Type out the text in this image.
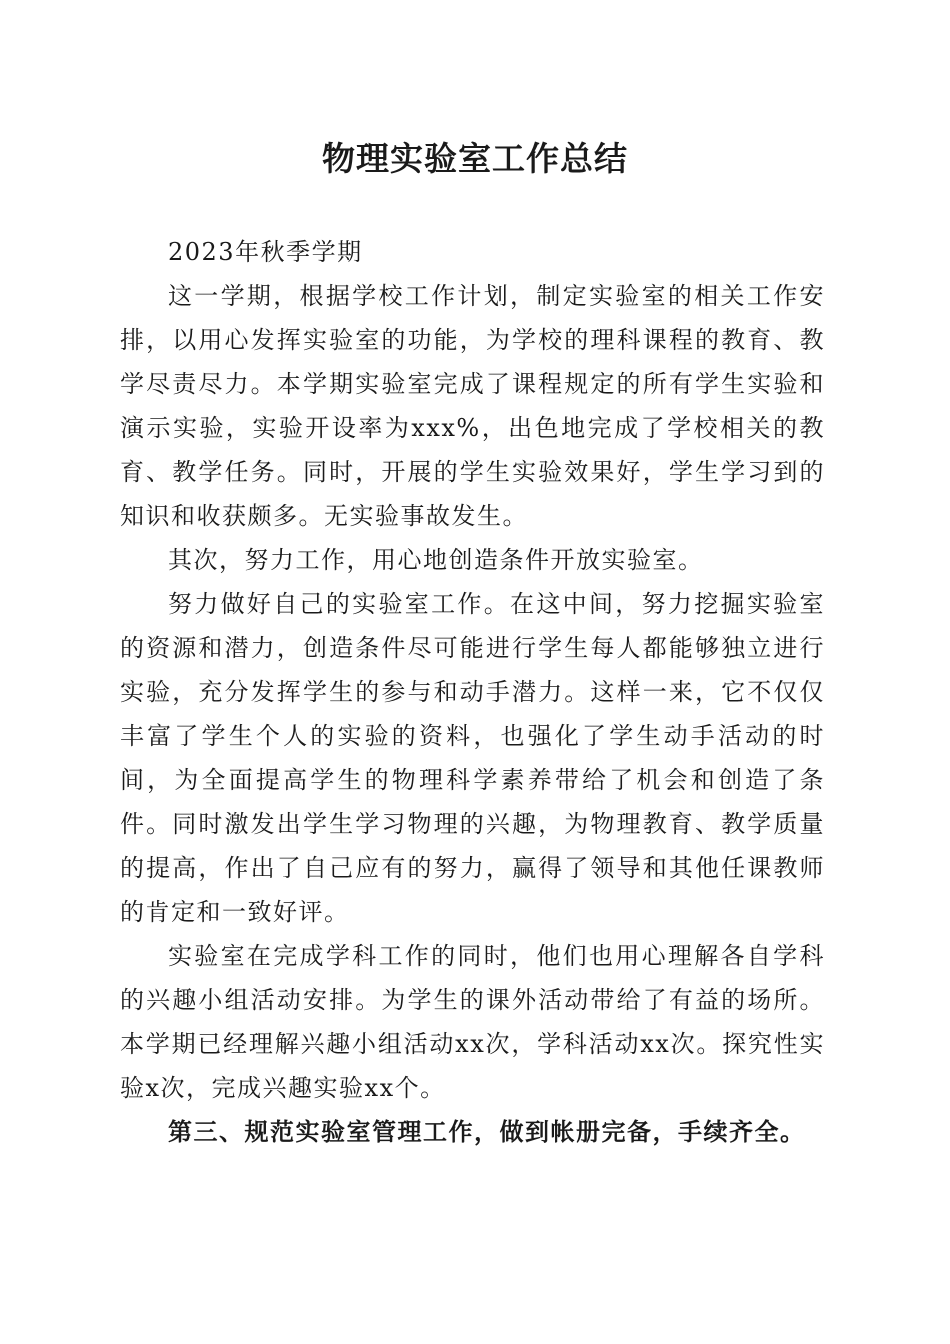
物理实验室工作总结

2023年秋季学期

这一学期，根据学校工作计划，制定实验室的相关工作安排，以用心发挥实验室的功能，为学校的理科课程的教育、教学尽责尽力。本学期实验室完成了课程规定的所有学生实验和演示实验，实验开设率为xxx%，出色地完成了学校相关的教育、教学任务。同时，开展的学生实验效果好，学生学习到的知识和收获颇多。无实验事故发生。

其次，努力工作，用心地创造条件开放实验室。

努力做好自己的实验室工作。在这中间，努力挖掘实验室的资源和潜力，创造条件尽可能进行学生每人都能够独立进行实验，充分发挥学生的参与和动手潜力。这样一来，它不仅仅丰富了学生个人的实验的资料，也强化了学生动手活动的时间，为全面提高学生的物理科学素养带给了机会和创造了条件。同时激发出学生学习物理的兴趣，为物理教育、教学质量的提高，作出了自己应有的努力，赢得了领导和其他任课教师的肯定和一致好评。

实验室在完成学科工作的同时，他们也用心理解各自学科的兴趣小组活动安排。为学生的课外活动带给了有益的场所。本学期已经理解兴趣小组活动xx次，学科活动xx次。探究性实验x次，完成兴趣实验xx个。

第三、规范实验室管理工作，做到帐册完备，手续齐全。
